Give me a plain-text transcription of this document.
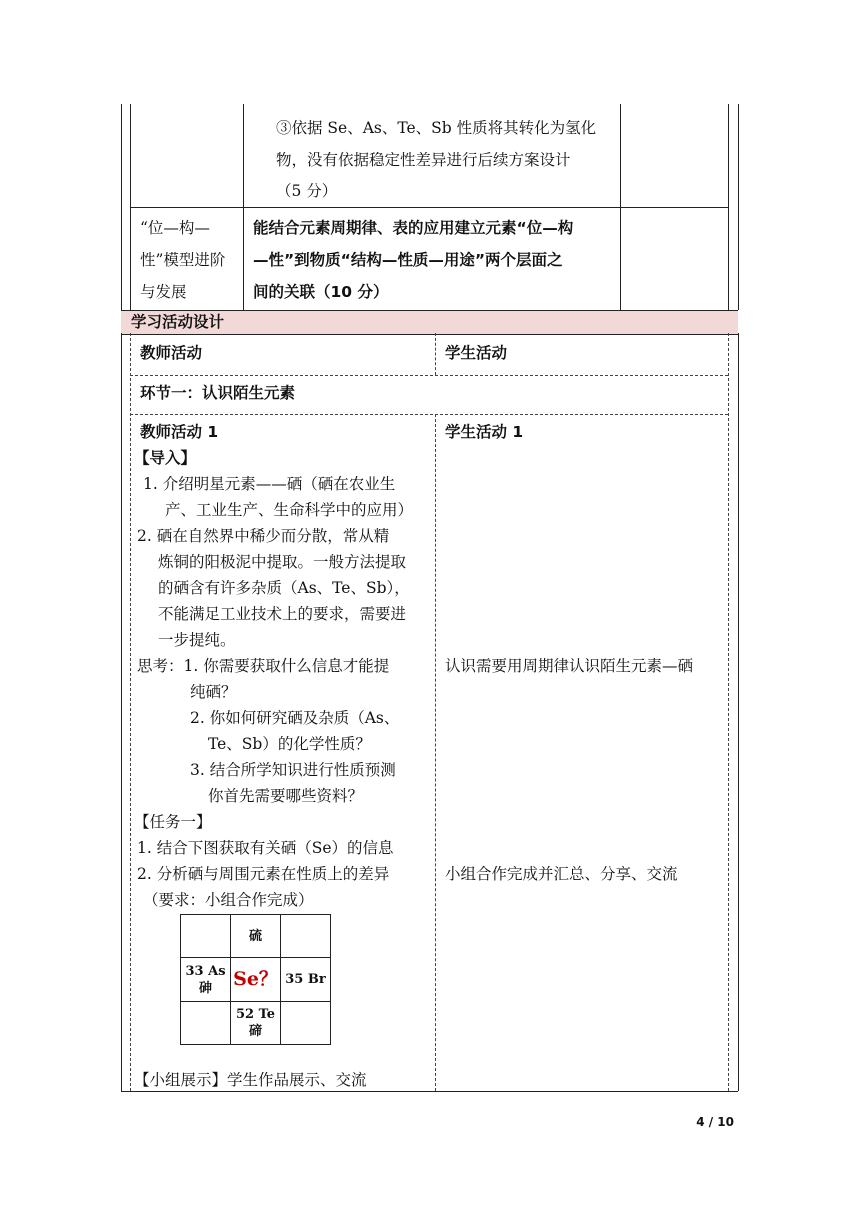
③依据 Se、As、Te、Sb 性质将其转化为氢化
物，没有依据稳定性差异进行后续方案设计
（5 分）
“位—构—
性”模型进阶
与发展
能结合元素周期律、表的应用建立元素“位—构
—性”到物质“结构—性质—用途”两个层面之
间的关联（10 分）
学习活动设计
教师活动	学生活动
环节一：认识陌生元素
教师活动 1
【导入】
1. 介绍明星元素——硒（硒在农业生
产、工业生产、生命科学中的应用）
2. 硒在自然界中稀少而分散，常从精
炼铜的阳极泥中提取。一般方法提取
的硒含有许多杂质（As、Te、Sb），
不能满足工业技术上的要求，需要进
一步提纯。
思考：1. 你需要获取什么信息才能提
纯硒？
2. 你如何研究硒及杂质（As、
Te、Sb）的化学性质？
3. 结合所学知识进行性质预测
你首先需要哪些资料？
【任务一】
1. 结合下图获取有关硒（Se）的信息
2. 分析硒与周围元素在性质上的差异
（要求：小组合作完成）
硫
33 As
砷 Se？ 35 Br
52 Te
碲
【小组展示】学生作品展示、交流
学生活动 1
认识需要用周期律认识陌生元素—硒
小组合作完成并汇总、分享、交流
4 / 10
